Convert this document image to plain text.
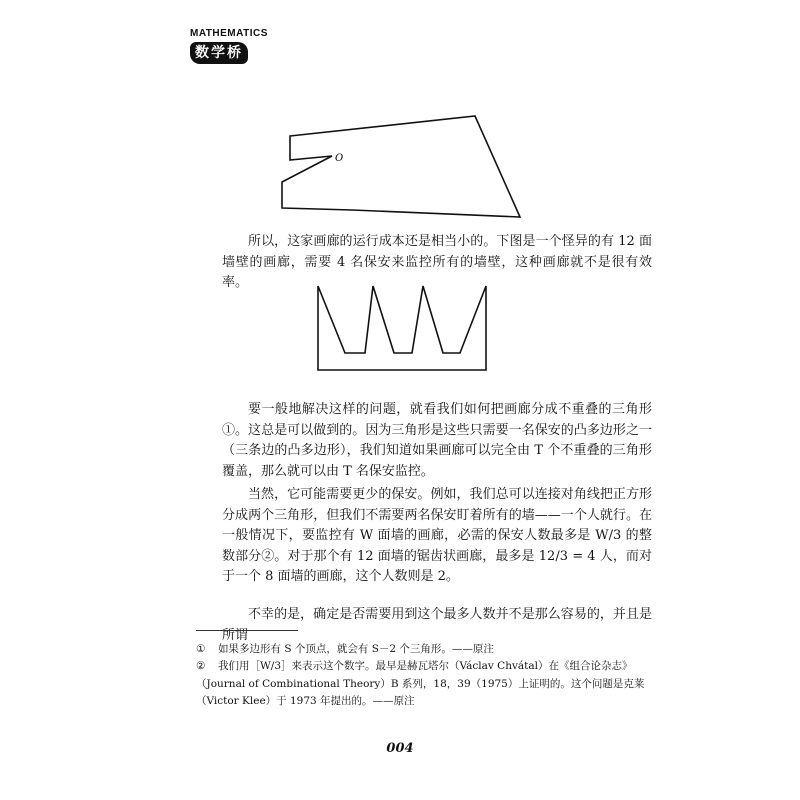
MATHEMATICS
数学桥
O

所以，这家画廊的运行成本还是相当小的。下图是一个怪异的有 12 面墙壁的画廊，需要 4 名保安来监控所有的墙壁，这种画廊就不是很有效率。

要一般地解决这样的问题，就看我们如何把画廊分成不重叠的三角形①。这总是可以做到的。因为三角形是这些只需要一名保安的凸多边形之一（三条边的凸多边形），我们知道如果画廊可以完全由 T 个不重叠的三角形覆盖，那么就可以由 T 名保安监控。

当然，它可能需要更少的保安。例如，我们总可以连接对角线把正方形分成两个三角形，但我们不需要两名保安盯着所有的墙——一个人就行。在一般情况下，要监控有 W 面墙的画廊，必需的保安人数最多是 W/3 的整数部分②。对于那个有 12 面墙的锯齿状画廊，最多是 12/3 = 4 人，而对于一个 8 面墙的画廊，这个人数则是 2。

不幸的是，确定是否需要用到这个最多人数并不是那么容易的，并且是所谓

① 如果多边形有 S 个顶点，就会有 S－2 个三角形。——原注

② 我们用［W/3］来表示这个数字。最早是赫瓦塔尔（Václav Chvátal）在《组合论杂志》（Journal of Combinational Theory）B 系列，18，39（1975）上证明的。这个问题是克莱（Victor Klee）于 1973 年提出的。——原注

004
